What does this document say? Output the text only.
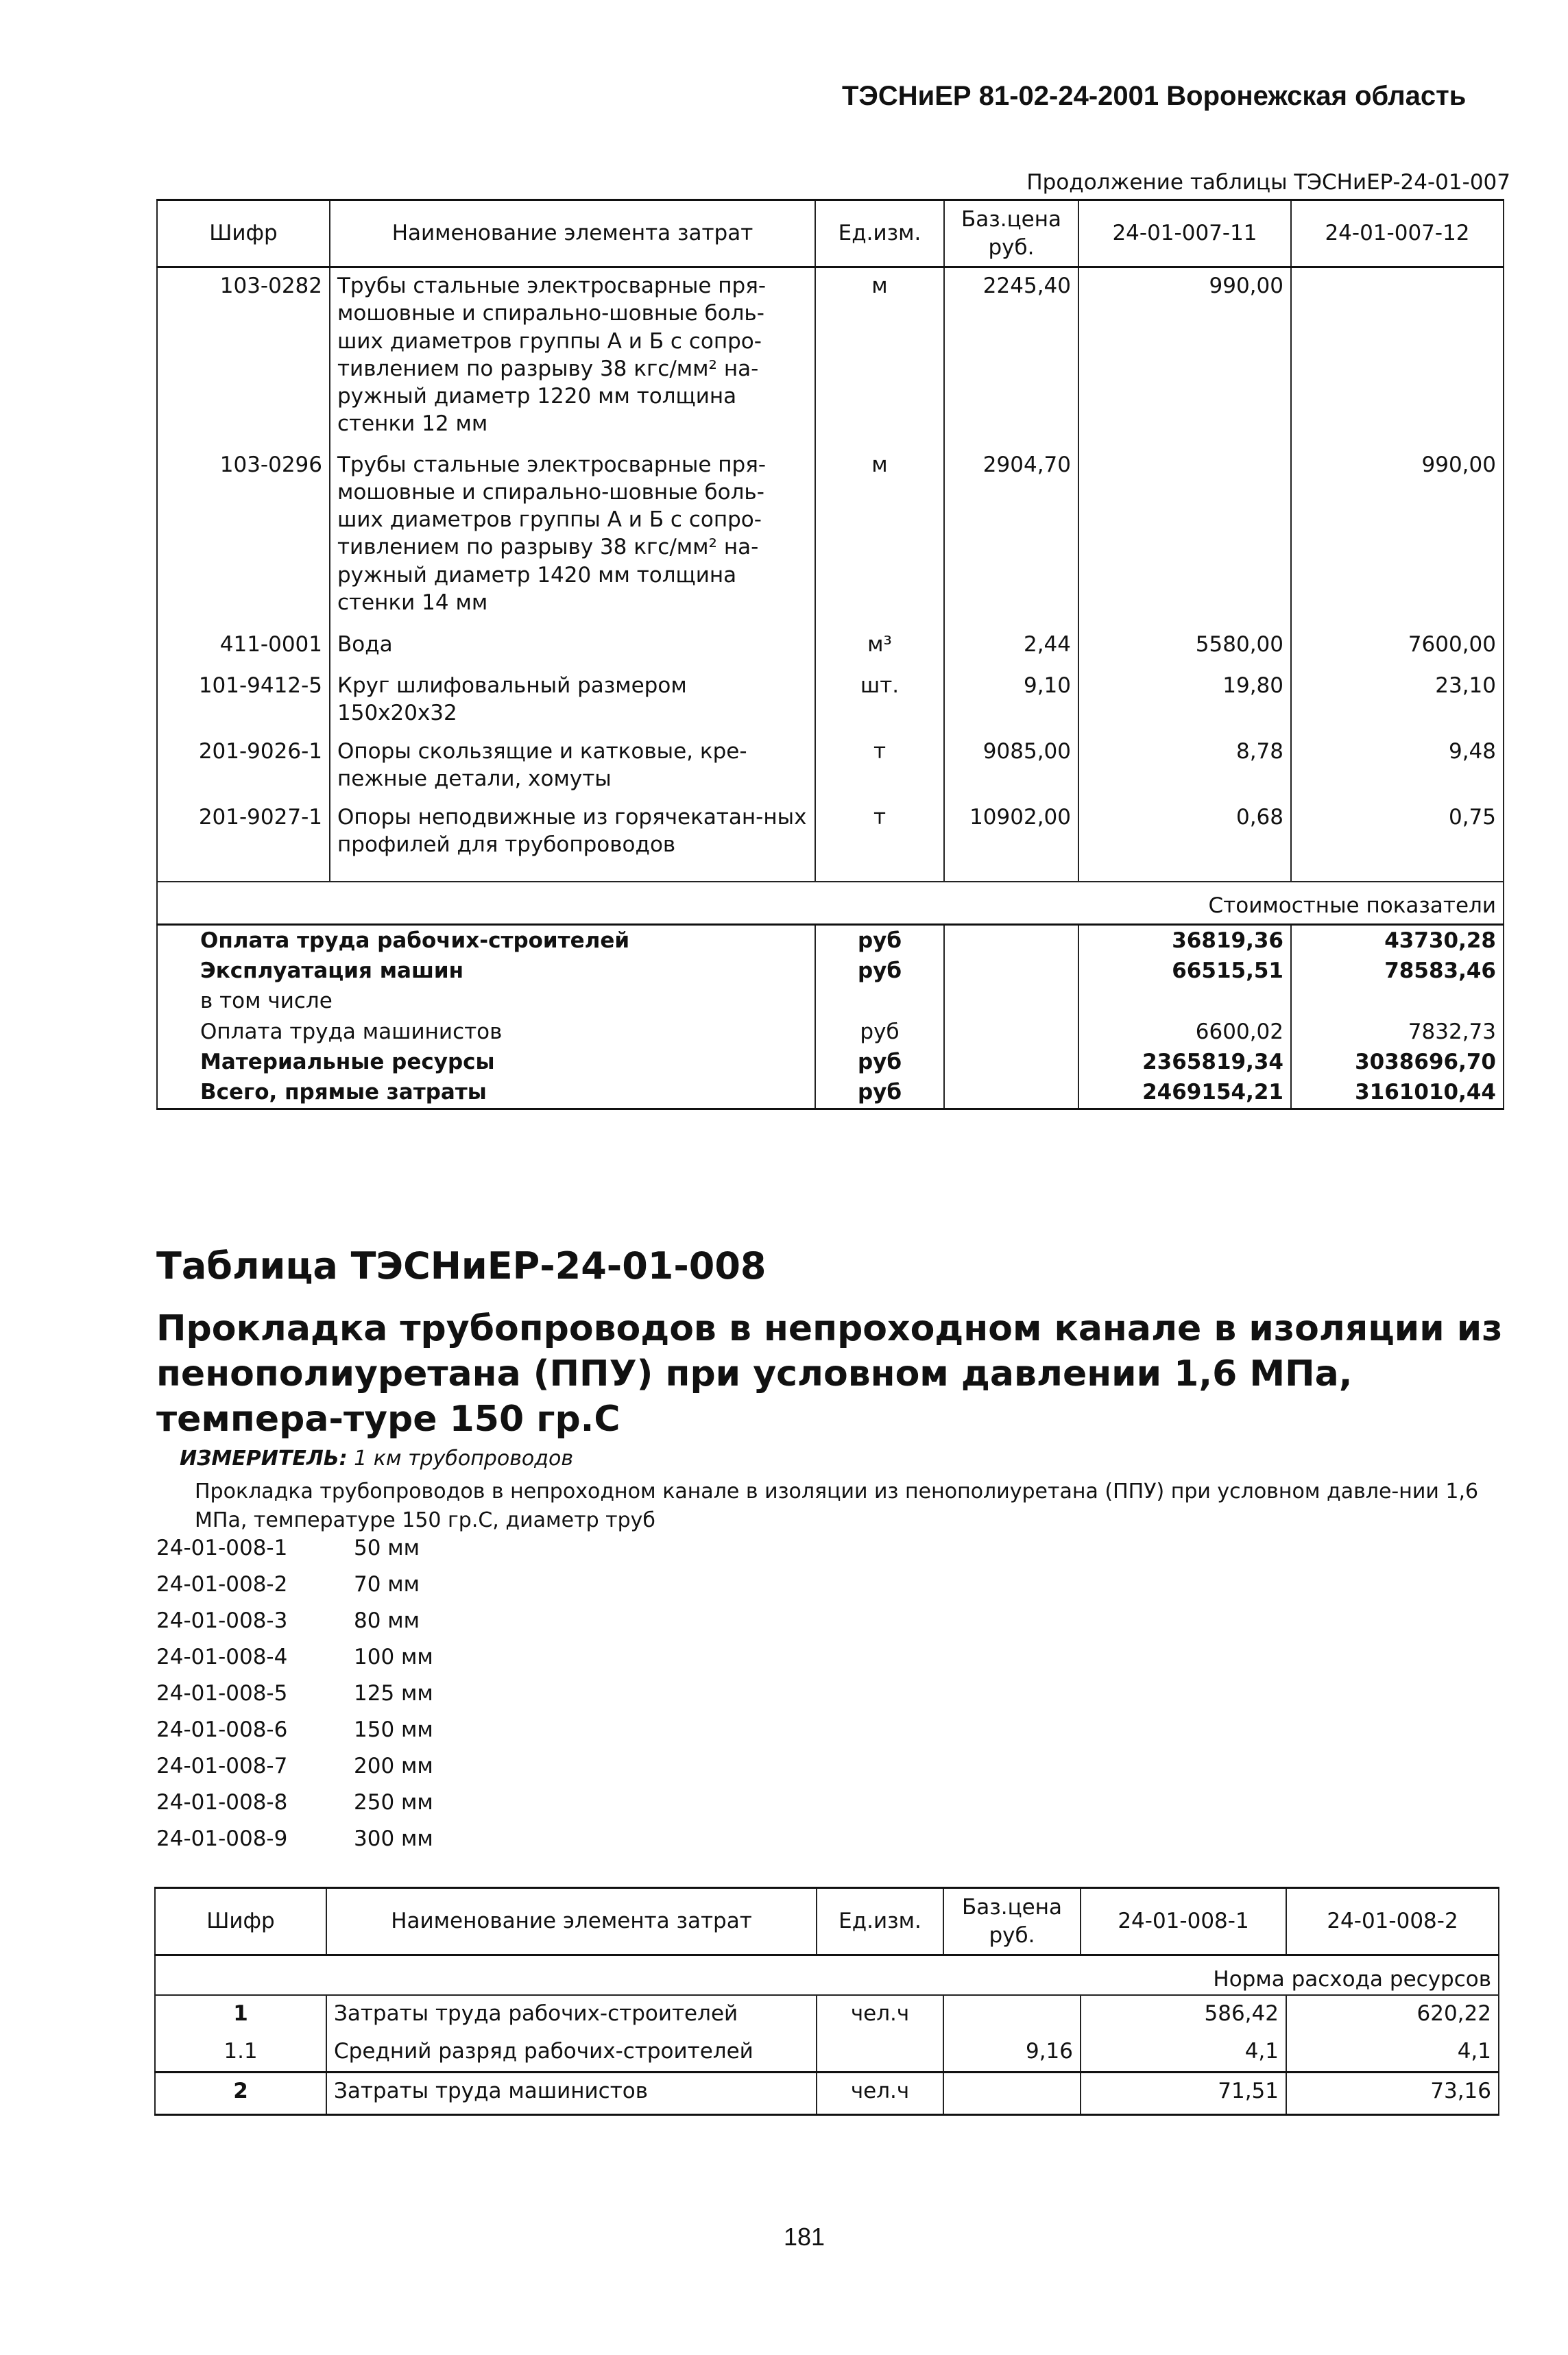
ТЭСНиЕР 81-02-24-2001 Воронежская область
Продолжение таблицы ТЭСНиЕР-24-01-007
Шифр	Наименование элемента затрат	Ед.изм.	Баз.цена руб.	24-01-007-11	24-01-007-12
103-0282	Трубы стальные электросварные пря-мошовные и спирально-шовные боль-ших диаметров группы А и Б с сопро-тивлением по разрыву 38 кгс/мм² на-ружный диаметр 1220 мм толщина стенки 12 мм	м	2245,40	990,00	
103-0296	Трубы стальные электросварные пря-мошовные и спирально-шовные боль-ших диаметров группы А и Б с сопро-тивлением по разрыву 38 кгс/мм² на-ружный диаметр 1420 мм толщина стенки 14 мм	м	2904,70		990,00
411-0001	Вода	м³	2,44	5580,00	7600,00
101-9412-5	Круг шлифовальный размером 150x20x32	шт.	9,10	19,80	23,10
201-9026-1	Опоры скользящие и катковые, кре-пежные детали, хомуты	т	9085,00	8,78	9,48
201-9027-1	Опоры неподвижные из горячекатан-ных профилей для трубопроводов	т	10902,00	0,68	0,75
Стоимостные показатели					
Оплата труда рабочих-строителей		руб		36819,36	43730,28
Эксплуатация машин		руб		66515,51	78583,46
в том числе					
Оплата труда машинистов		руб		6600,02	7832,73
Материальные ресурсы		руб		2365819,34	3038696,70
Всего, прямые затраты		руб		2469154,21	3161010,44
Таблица ТЭСНиЕР-24-01-008
Прокладка трубопроводов в непроходном канале в изоляции из пенополиуретана (ППУ) при условном давлении 1,6 МПа, темпера-туре 150 гр.С
ИЗМЕРИТЕЛЬ: 1 км трубопроводов
Прокладка трубопроводов в непроходном канале в изоляции из пенополиуретана (ППУ) при условном давле-нии 1,6 МПа, температуре 150 гр.С, диаметр труб
24-01-008-1	50 мм
24-01-008-2	70 мм
24-01-008-3	80 мм
24-01-008-4	100 мм
24-01-008-5	125 мм
24-01-008-6	150 мм
24-01-008-7	200 мм
24-01-008-8	250 мм
24-01-008-9	300 мм
Шифр	Наименование элемента затрат	Ед.изм.	Баз.цена руб.	24-01-008-1	24-01-008-2
Норма расхода ресурсов					
1	Затраты труда рабочих-строителей	чел.ч		586,42	620,22
1.1	Средний разряд рабочих-строителей		9,16	4,1	4,1
2	Затраты труда машинистов	чел.ч		71,51	73,16
181
